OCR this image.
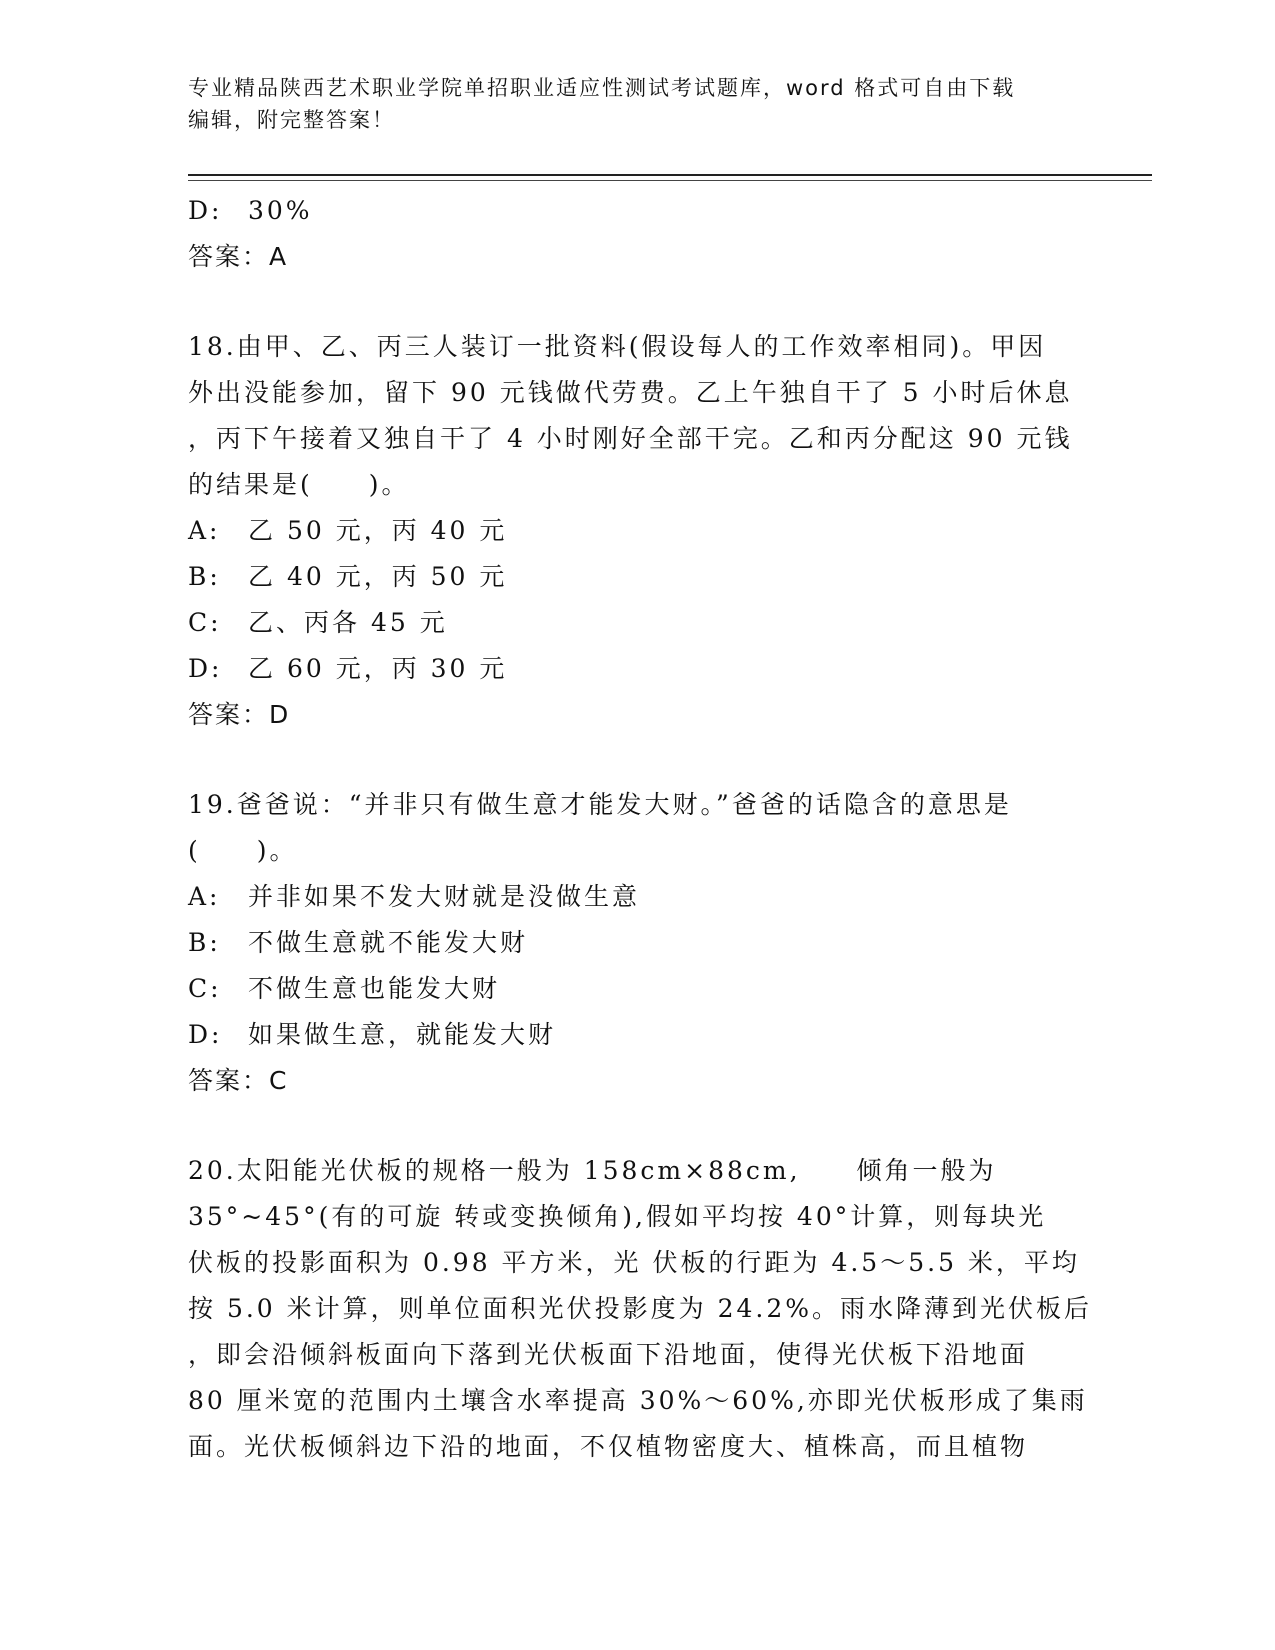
专业精品陕西艺术职业学院单招职业适应性测试考试题库，word 格式可自由下载
编辑，附完整答案！
D: 30%
答案：A
18.由甲、乙、丙三人装订一批资料(假设每人的工作效率相同)。甲因
外出没能参加，留下 90 元钱做代劳费。乙上午独自干了 5 小时后休息
，丙下午接着又独自干了 4 小时刚好全部干完。乙和丙分配这 90 元钱
的结果是(　　)。
A: 乙 50 元，丙 40 元
B: 乙 40 元，丙 50 元
C: 乙、丙各 45 元
D: 乙 60 元，丙 30 元
答案：D
19.爸爸说：“并非只有做生意才能发大财。”爸爸的话隐含的意思是
(　　)。
A: 并非如果不发大财就是没做生意
B: 不做生意就不能发大财
C: 不做生意也能发大财
D: 如果做生意，就能发大财
答案：C
20.太阳能光伏板的规格一般为 158cm×88cm,　　倾角一般为
35°~45°(有的可旋 转或变换倾角),假如平均按 40°计算，则每块光
伏板的投影面积为 0.98 平方米，光 伏板的行距为 4.5～5.5 米，平均
按 5.0 米计算，则单位面积光伏投影度为 24.2%。雨水降薄到光伏板后
，即会沿倾斜板面向下落到光伏板面下沿地面，使得光伏板下沿地面
80 厘米宽的范围内土壤含水率提高 30%～60%,亦即光伏板形成了集雨
面。光伏板倾斜边下沿的地面，不仅植物密度大、植株高，而且植物
